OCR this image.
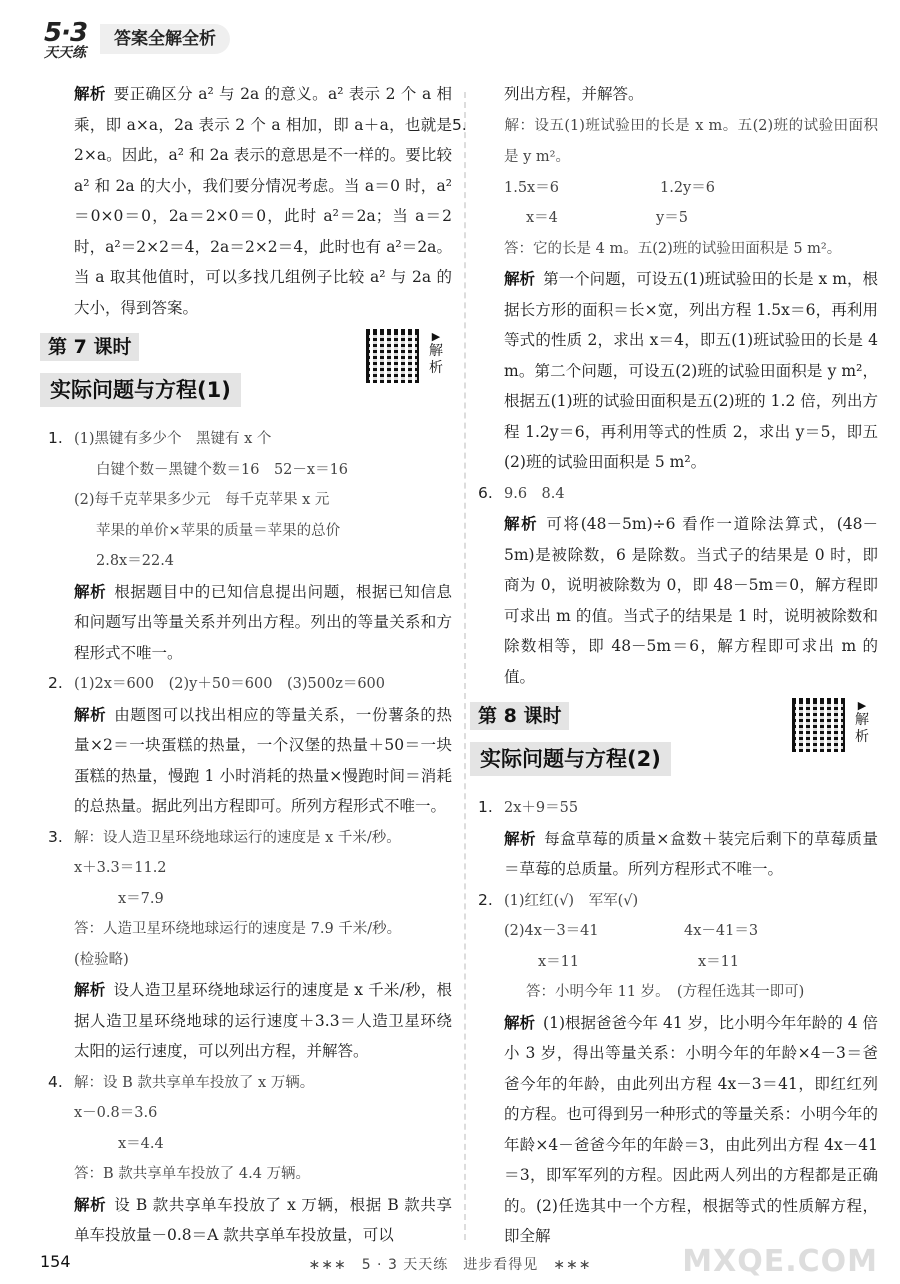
5·3
天天练
答案全解全析

解析 要正确区分 a² 与 2a 的意义。a² 表示 2 个 a 相乘，即 a×a，2a 表示 2 个 a 相加，即 a＋a，也就是 2×a。因此，a² 和 2a 表示的意思是不一样的。要比较 a² 和 2a 的大小，我们要分情况考虑。当 a＝0 时，a²＝0×0＝0，2a＝2×0＝0，此时 a²＝2a；当 a＝2 时，a²＝2×2＝4，2a＝2×2＝4，此时也有 a²＝2a。当 a 取其他值时，可以多找几组例子比较 a² 与 2a 的大小，得到答案。

第 7 课时
实际问题与方程(1)
▶
解析

1. (1)黑键有多少个　黑键有 x 个

白键个数－黑键个数＝16　52－x＝16

(2)每千克苹果多少元　每千克苹果 x 元

苹果的单价×苹果的质量＝苹果的总价

2.8x＝22.4

解析 根据题目中的已知信息提出问题，根据已知信息和问题写出等量关系并列出方程。列出的等量关系和方程形式不唯一。

2. (1)2x＝600　(2)y＋50＝600　(3)500z＝600

解析 由题图可以找出相应的等量关系，一份薯条的热量×2＝一块蛋糕的热量，一个汉堡的热量＋50＝一块蛋糕的热量，慢跑 1 小时消耗的热量×慢跑时间＝消耗的总热量。据此列出方程即可。所列方程形式不唯一。

3. 解：设人造卫星环绕地球运行的速度是 x 千米/秒。

x＋3.3＝11.2

x＝7.9

答：人造卫星环绕地球运行的速度是 7.9 千米/秒。

(检验略)

解析 设人造卫星环绕地球运行的速度是 x 千米/秒，根据人造卫星环绕地球的运行速度＋3.3＝人造卫星环绕太阳的运行速度，可以列出方程，并解答。

4. 解：设 B 款共享单车投放了 x 万辆。

x－0.8＝3.6

x＝4.4

答：B 款共享单车投放了 4.4 万辆。

解析 设 B 款共享单车投放了 x 万辆，根据 B 款共享单车投放量－0.8＝A 款共享单车投放量，可以

列出方程，并解答。

5.	解：设五(1)班试验田的长是 x m。五(2)班的试验田面积是 y m²。

1.5x＝6	1.2y＝6

x＝4	y＝5

答：它的长是 4 m。五(2)班的试验田面积是 5 m²。

解析 第一个问题，可设五(1)班试验田的长是 x m，根据长方形的面积＝长×宽，列出方程 1.5x＝6，再利用等式的性质 2，求出 x＝4，即五(1)班试验田的长是 4 m。第二个问题，可设五(2)班的试验田面积是 y m²，根据五(1)班的试验田面积是五(2)班的 1.2 倍，列出方程 1.2y＝6，再利用等式的性质 2，求出 y＝5，即五(2)班的试验田面积是 5 m²。

6. 9.6　8.4

解析 可将(48－5m)÷6 看作一道除法算式，(48－5m)是被除数，6 是除数。当式子的结果是 0 时，即商为 0，说明被除数为 0，即 48－5m＝0，解方程即可求出 m 的值。当式子的结果是 1 时，说明被除数和除数相等，即 48－5m＝6，解方程即可求出 m 的值。

第 8 课时
实际问题与方程(2)
▶
解析

1. 2x＋9＝55

解析 每盒草莓的质量×盒数＋装完后剩下的草莓质量＝草莓的总质量。所列方程形式不唯一。

2. (1)红红(√)　军军(√)

(2)4x－3＝41	4x－41＝3

x＝11	x＝11

答：小明今年 11 岁。　(方程任选其一即可)

解析 (1)根据爸爸今年 41 岁，比小明今年年龄的 4 倍小 3 岁，得出等量关系：小明今年的年龄×4－3＝爸爸今年的年龄，由此列出方程 4x－3＝41，即红红列的方程。也可得到另一种形式的等量关系：小明今年的年龄×4－爸爸今年的年龄＝3，由此列出方程 4x－41＝3，即军军列的方程。因此两人列出的方程都是正确的。(2)任选其中一个方程，根据等式的性质解方程，即全解

154	∗∗∗　5 · 3 天天练　进步看得见　∗∗∗	MXQE.COM
